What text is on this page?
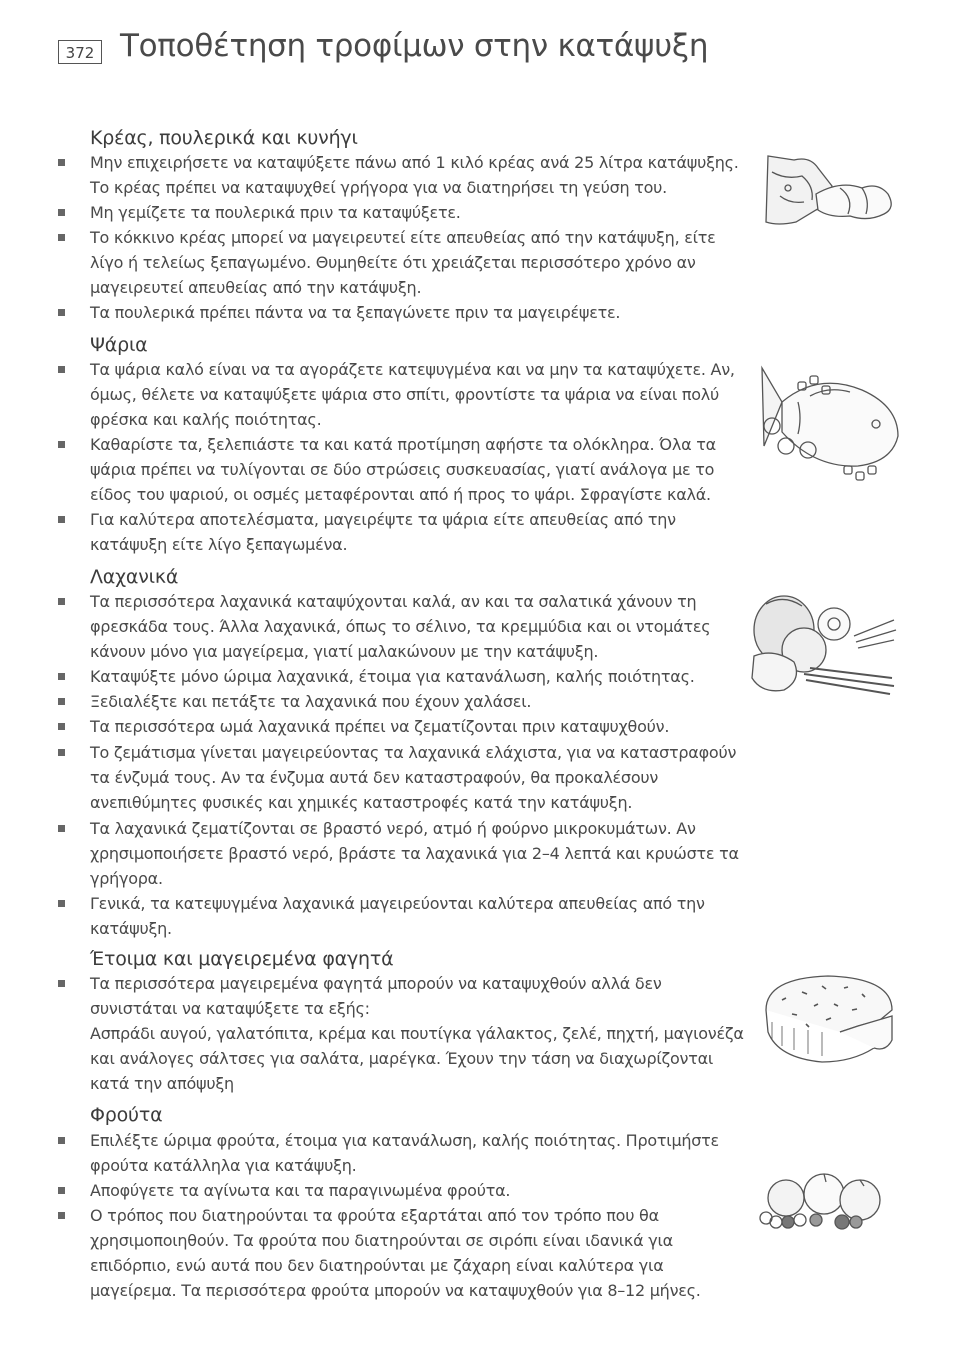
372 Τοποθέτηση τροφίμων στην κατάψυξη
Κρέας, πουλερικά και κυνήγι
Μην επιχειρήσετε να καταψύξετε πάνω από 1 κιλό κρέας ανά 25 λίτρα κατάψυξης. Το κρέας πρέπει να καταψυχθεί γρήγορα για να διατηρήσει τη γεύση του.
Μη γεμίζετε τα πουλερικά πριν τα καταψύξετε.
Το κόκκινο κρέας μπορεί να μαγειρευτεί είτε απευθείας από την κατάψυξη, είτε λίγο ή τελείως ξεπαγωμένο. Θυμηθείτε ότι χρειάζεται περισσότερο χρόνο αν μαγειρευτεί απευθείας από την κατάψυξη.
Τα πουλερικά πρέπει πάντα να τα ξεπαγώνετε πριν τα μαγειρέψετε.
Ψάρια
Τα ψάρια καλό είναι να τα αγοράζετε κατεψυγμένα και να μην τα καταψύχετε. Αν, όμως, θέλετε να καταψύξετε ψάρια στο σπίτι, φροντίστε τα ψάρια να είναι πολύ φρέσκα και καλής ποιότητας.
Καθαρίστε τα, ξελεπιάστε τα και κατά προτίμηση αφήστε τα ολόκληρα. Όλα τα ψάρια πρέπει να τυλίγονται σε δύο στρώσεις συσκευασίας, γιατί ανάλογα με το είδος του ψαριού, οι οσμές μεταφέρονται από ή προς το ψάρι. Σφραγίστε καλά.
Για καλύτερα αποτελέσματα, μαγειρέψτε τα ψάρια είτε απευθείας από την κατάψυξη είτε λίγο ξεπαγωμένα.
Λαχανικά
Τα περισσότερα λαχανικά καταψύχονται καλά, αν και τα σαλατικά χάνουν τη φρεσκάδα τους. Άλλα λαχανικά, όπως το σέλινο, τα κρεμμύδια και οι ντομάτες κάνουν μόνο για μαγείρεμα, γιατί μαλακώνουν με την κατάψυξη.
Καταψύξτε μόνο ώριμα λαχανικά, έτοιμα για κατανάλωση, καλής ποιότητας.
Ξεδιαλέξτε και πετάξτε τα λαχανικά που έχουν χαλάσει.
Τα περισσότερα ωμά λαχανικά πρέπει να ζεματίζονται πριν καταψυχθούν.
Το ζεμάτισμα γίνεται μαγειρεύοντας τα λαχανικά ελάχιστα, για να καταστραφούν τα ένζυμά τους. Αν τα ένζυμα αυτά δεν καταστραφούν, θα προκαλέσουν ανεπιθύμητες φυσικές και χημικές καταστροφές κατά την κατάψυξη.
Τα λαχανικά ζεματίζονται σε βραστό νερό, ατμό ή φούρνο μικροκυμάτων. Αν χρησιμοποιήσετε βραστό νερό, βράστε τα λαχανικά για 2–4 λεπτά και κρυώστε τα γρήγορα.
Γενικά, τα κατεψυγμένα λαχανικά μαγειρεύονται καλύτερα απευθείας από την κατάψυξη.
Έτοιμα και μαγειρεμένα φαγητά
Τα περισσότερα μαγειρεμένα φαγητά μπορούν να καταψυχθούν αλλά δεν συνιστάται να καταψύξετε τα εξής:
Ασπράδι αυγού, γαλατόπιτα, κρέμα και πουτίγκα γάλακτος, ζελέ, πηχτή, μαγιονέζα και ανάλογες σάλτσες για σαλάτα, μαρέγκα. Έχουν την τάση να διαχωρίζονται κατά την απόψυξη
Φρούτα
Επιλέξτε ώριμα φρούτα, έτοιμα για κατανάλωση, καλής ποιότητας. Προτιμήστε φρούτα κατάλληλα για κατάψυξη.
Αποφύγετε τα αγίνωτα και τα παραγινωμένα φρούτα.
Ο τρόπος που διατηρούνται τα φρούτα εξαρτάται από τον τρόπο που θα χρησιμοποιηθούν. Τα φρούτα που διατηρούνται σε σιρόπι είναι ιδανικά για επιδόρπιο, ενώ αυτά που δεν διατηρούνται με ζάχαρη είναι καλύτερα για μαγείρεμα. Τα περισσότερα φρούτα μπορούν να καταψυχθούν για 8–12 μήνες.
